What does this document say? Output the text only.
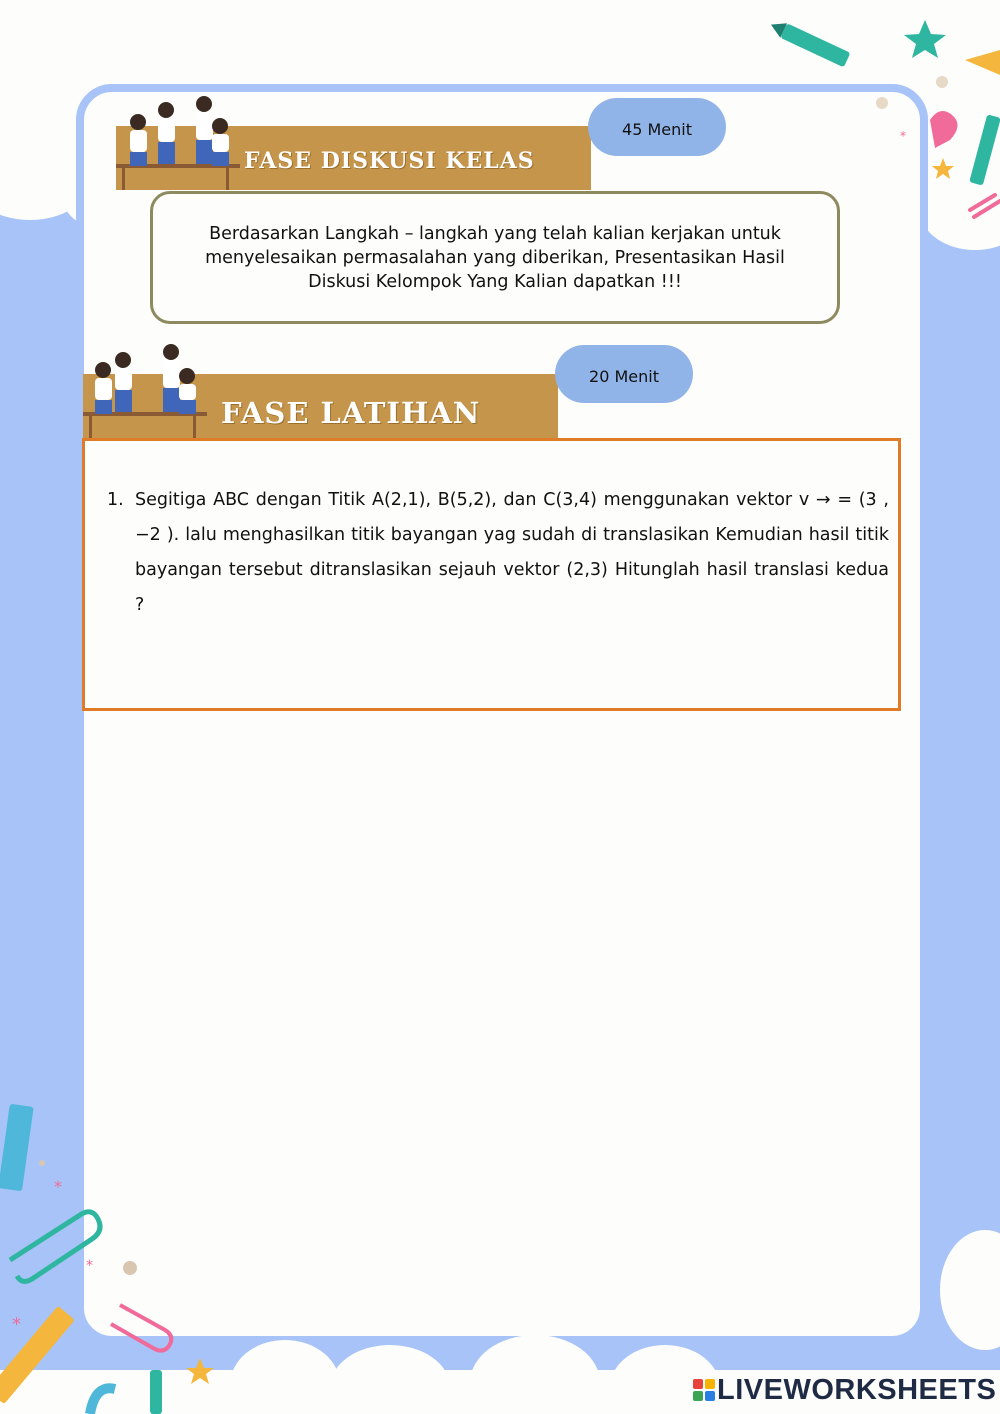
*
*
*
*
FASE DISKUSI KELAS
45 Menit

Berdasarkan Langkah – langkah yang telah kalian kerjakan untuk menyelesaikan permasalahan yang diberikan, Presentasikan Hasil Diskusi Kelompok Yang Kalian dapatkan !!!

FASE LATIHAN
20 Menit
1. Segitiga ABC dengan Titik A(2,1), B(5,2), dan C(3,4) menggunakan vektor v → = (3 ,−2 ). lalu menghasilkan titik bayangan yag sudah di translasikan Kemudian hasil titik bayangan tersebut ditranslasikan sejauh vektor (2,3) Hitunglah hasil translasi kedua ?
LIVEWORKSHEETS
